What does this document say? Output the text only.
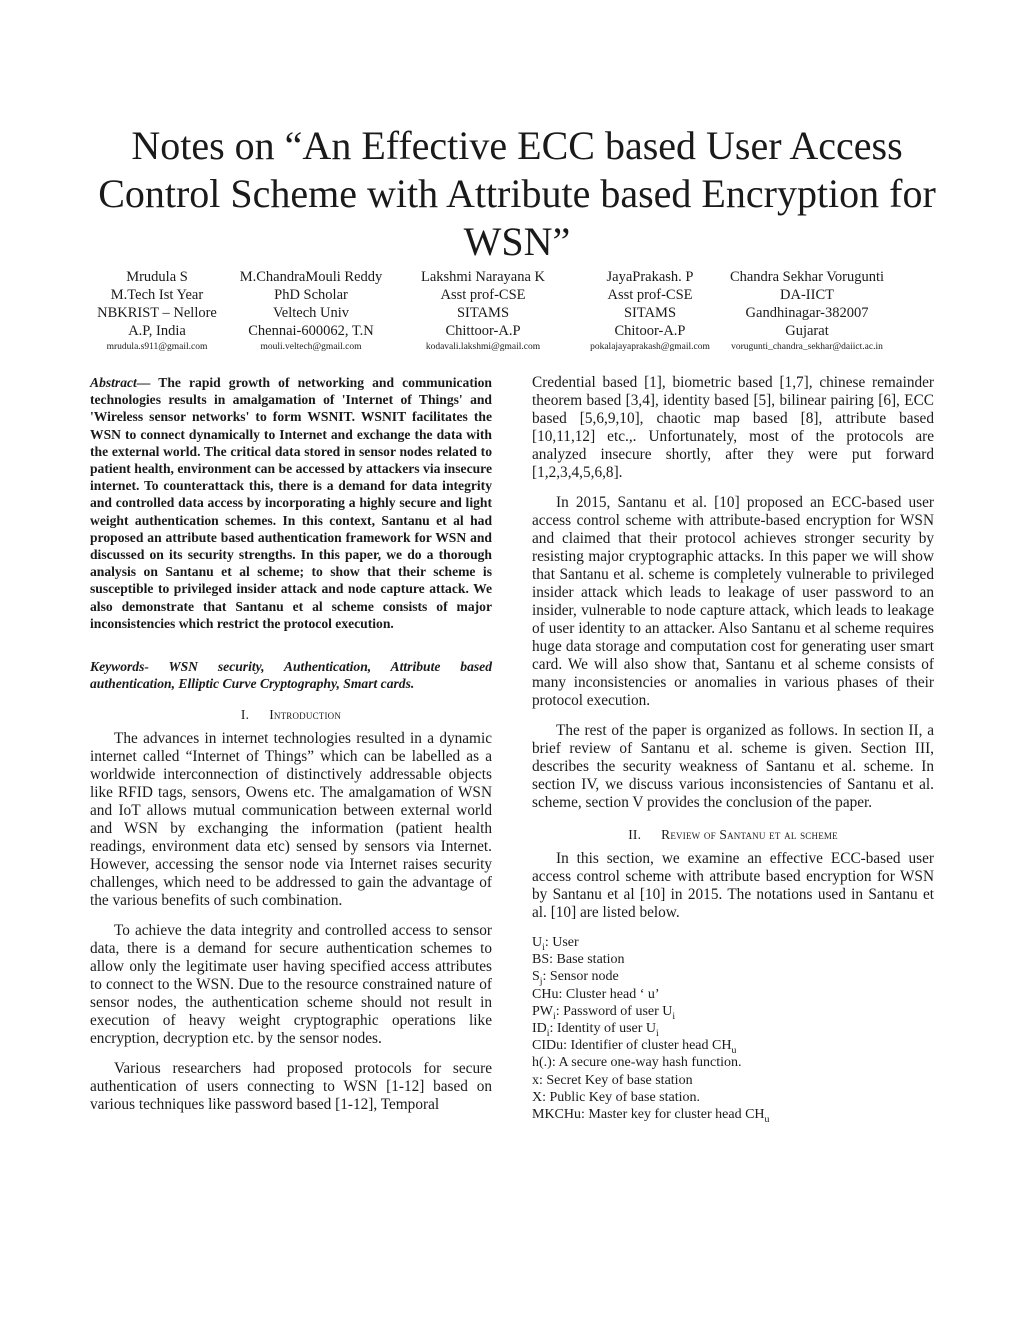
Notes on “An Effective ECC based User Access Control Scheme with Attribute based Encryption for WSN”
Mrudula S
M.Tech Ist Year
NBKRIST – Nellore
A.P, India
mrudula.s911@gmail.com
M.ChandraMouli Reddy
PhD Scholar
Veltech Univ
Chennai-600062, T.N
mouli.veltech@gmail.com
Lakshmi Narayana K
Asst prof-CSE
SITAMS
Chittoor-A.P
kodavali.lakshmi@gmail.com
JayaPrakash. P
Asst prof-CSE
SITAMS
Chitoor-A.P
pokalajayaprakash@gmail.com
Chandra Sekhar Vorugunti
DA-IICT
Gandhinagar-382007
Gujarat
vorugunti_chandra_sekhar@daiict.ac.in

Abstract— The rapid growth of networking and communication technologies results in amalgamation of 'Internet of Things' and 'Wireless sensor networks' to form WSNIT. WSNIT facilitates the WSN to connect dynamically to Internet and exchange the data with the external world. The critical data stored in sensor nodes related to patient health, environment can be accessed by attackers via insecure internet. To counterattack this, there is a demand for data integrity and controlled data access by incorporating a highly secure and light weight authentication schemes. In this context, Santanu et al had proposed an attribute based authentication framework for WSN and discussed on its security strengths. In this paper, we do a thorough analysis on Santanu et al scheme; to show that their scheme is susceptible to privileged insider attack and node capture attack. We also demonstrate that Santanu et al scheme consists of major inconsistencies which restrict the protocol execution.

Keywords- WSN security, Authentication, Attribute based authentication, Elliptic Curve Cryptography, Smart cards.

I. Introduction

The advances in internet technologies resulted in a dynamic internet called “Internet of Things” which can be labelled as a worldwide interconnection of distinctively addressable objects like RFID tags, sensors, Owens etc. The amalgamation of WSN and IoT allows mutual communication between external world and WSN by exchanging the information (patient health readings, environment data etc) sensed by sensors via Internet. However, accessing the sensor node via Internet raises security challenges, which need to be addressed to gain the advantage of the various benefits of such combination.

To achieve the data integrity and controlled access to sensor data, there is a demand for secure authentication schemes to allow only the legitimate user having specified access attributes to connect to the WSN. Due to the resource constrained nature of sensor nodes, the authentication scheme should not result in execution of heavy weight cryptographic operations like encryption, decryption etc. by the sensor nodes.

Various researchers had proposed protocols for secure authentication of users connecting to WSN [1-12] based on various techniques like password based [1-12], Temporal

Credential based [1], biometric based [1,7], chinese remainder theorem based [3,4], identity based [5], bilinear pairing [6], ECC based [5,6,9,10], chaotic map based [8], attribute based [10,11,12] etc.,. Unfortunately, most of the protocols are analyzed insecure shortly, after they were put forward [1,2,3,4,5,6,8].

In 2015, Santanu et al. [10] proposed an ECC-based user access control scheme with attribute-based encryption for WSN and claimed that their protocol achieves stronger security by resisting major cryptographic attacks. In this paper we will show that Santanu et al. scheme is completely vulnerable to privileged insider attack which leads to leakage of user password to an insider, vulnerable to node capture attack, which leads to leakage of user identity to an attacker. Also Santanu et al scheme requires huge data storage and computation cost for generating user smart card. We will also show that, Santanu et al scheme consists of many inconsistencies or anomalies in various phases of their protocol execution.

The rest of the paper is organized as follows. In section II, a brief review of Santanu et al. scheme is given. Section III, describes the security weakness of Santanu et al. scheme. In section IV, we discuss various inconsistencies of Santanu et al. scheme, section V provides the conclusion of the paper.

II. Review of Santanu et al scheme

In this section, we examine an effective ECC-based user access control scheme with attribute based encryption for WSN by Santanu et al [10] in 2015. The notations used in Santanu et al. [10] are listed below.

$U_i$: User
BS: Base station
$S_j$: Sensor node
CHu: Cluster head ‘ u’
$PW_i$: Password of user $U_i$
$ID_i$: Identity of user $U_i$
CIDu: Identifier of cluster head $CH_u$
h(.): A secure one-way hash function.
x: Secret Key of base station
X: Public Key of base station.
MKCHu: Master key for cluster head $CH_u$
